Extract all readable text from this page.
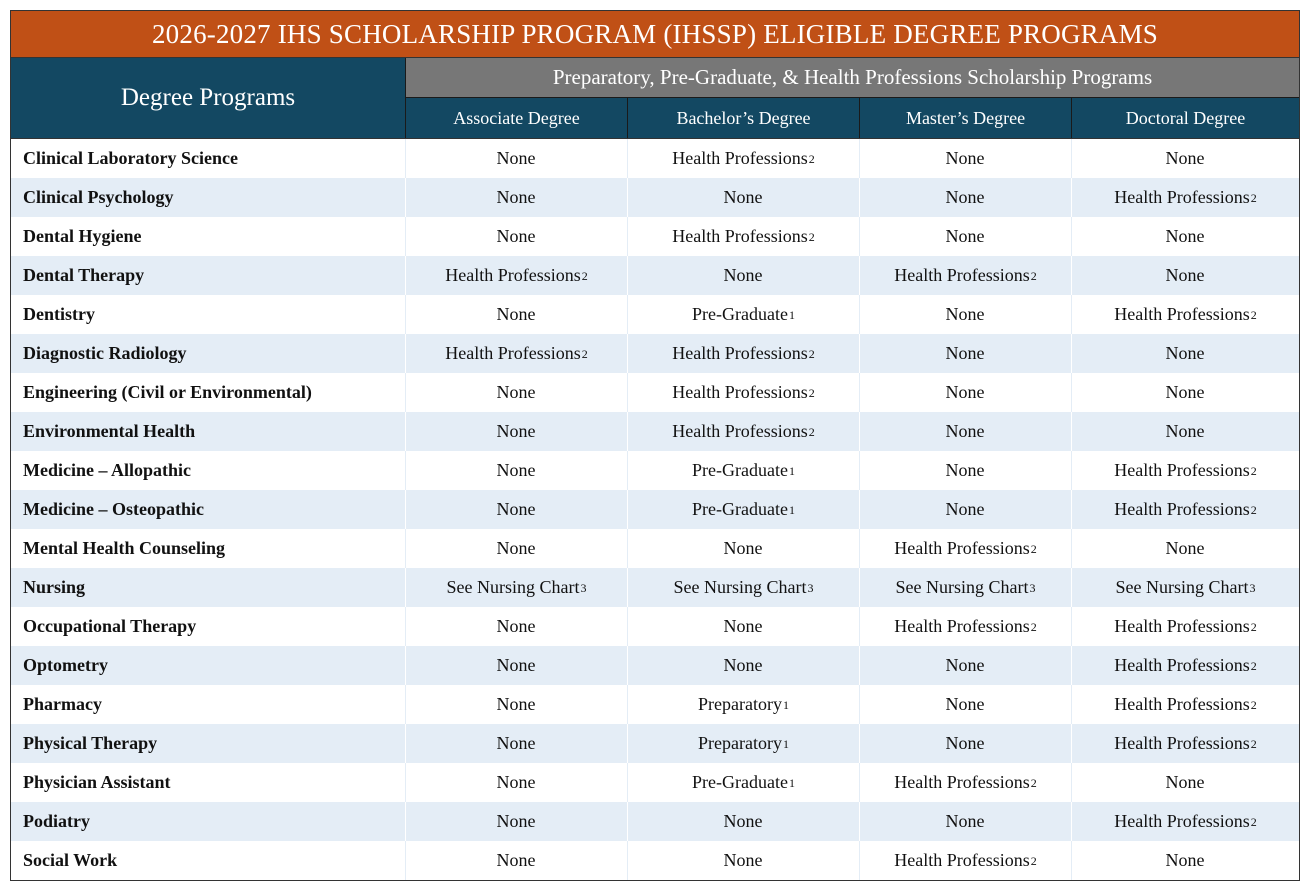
2026-2027 IHS SCHOLARSHIP PROGRAM (IHSSP) ELIGIBLE DEGREE PROGRAMS
Degree Programs
Preparatory, Pre-Graduate, & Health Professions Scholarship Programs
Associate Degree	Bachelor’s Degree	Master’s Degree	Doctoral Degree
Clinical Laboratory Science	None	Health Professions 2	None	None
Clinical Psychology	None	None	None	Health Professions 2
Dental Hygiene	None	Health Professions 2	None	None
Dental Therapy	Health Professions 2	None	Health Professions 2	None
Dentistry	None	Pre-Graduate 1	None	Health Professions 2
Diagnostic Radiology	Health Professions 2	Health Professions 2	None	None
Engineering (Civil or Environmental)	None	Health Professions 2	None	None
Environmental Health	None	Health Professions 2	None	None
Medicine – Allopathic	None	Pre-Graduate 1	None	Health Professions 2
Medicine – Osteopathic	None	Pre-Graduate 1	None	Health Professions 2
Mental Health Counseling	None	None	Health Professions 2	None
Nursing	See Nursing Chart 3	See Nursing Chart 3	See Nursing Chart 3	See Nursing Chart 3
Occupational Therapy	None	None	Health Professions 2	Health Professions 2
Optometry	None	None	None	Health Professions 2
Pharmacy	None	Preparatory 1	None	Health Professions 2
Physical Therapy	None	Preparatory 1	None	Health Professions 2
Physician Assistant	None	Pre-Graduate 1	Health Professions 2	None
Podiatry	None	None	None	Health Professions 2
Social Work	None	None	Health Professions 2	None
